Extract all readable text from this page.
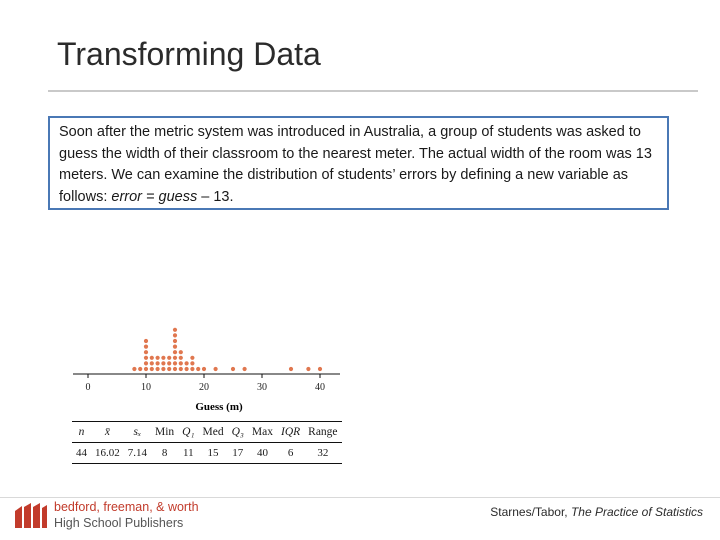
Transforming Data
Soon after the metric system was introduced in Australia, a group of students was asked to guess the width of their classroom to the nearest meter. The actual width of the room was 13 meters. We can examine the distribution of students’ errors by defining a new variable as follows: error = guess – 13.
0	10	20	30	40
Guess (m)
n	x̄	sₓ	Min	Q₁	Med	Q₃	Max	IQR	Range
44	16.02	7.14	8	11	15	17	40	6	32
bedford, freeman, & worth
High School Publishers
Starnes/Tabor, The Practice of Statistics
